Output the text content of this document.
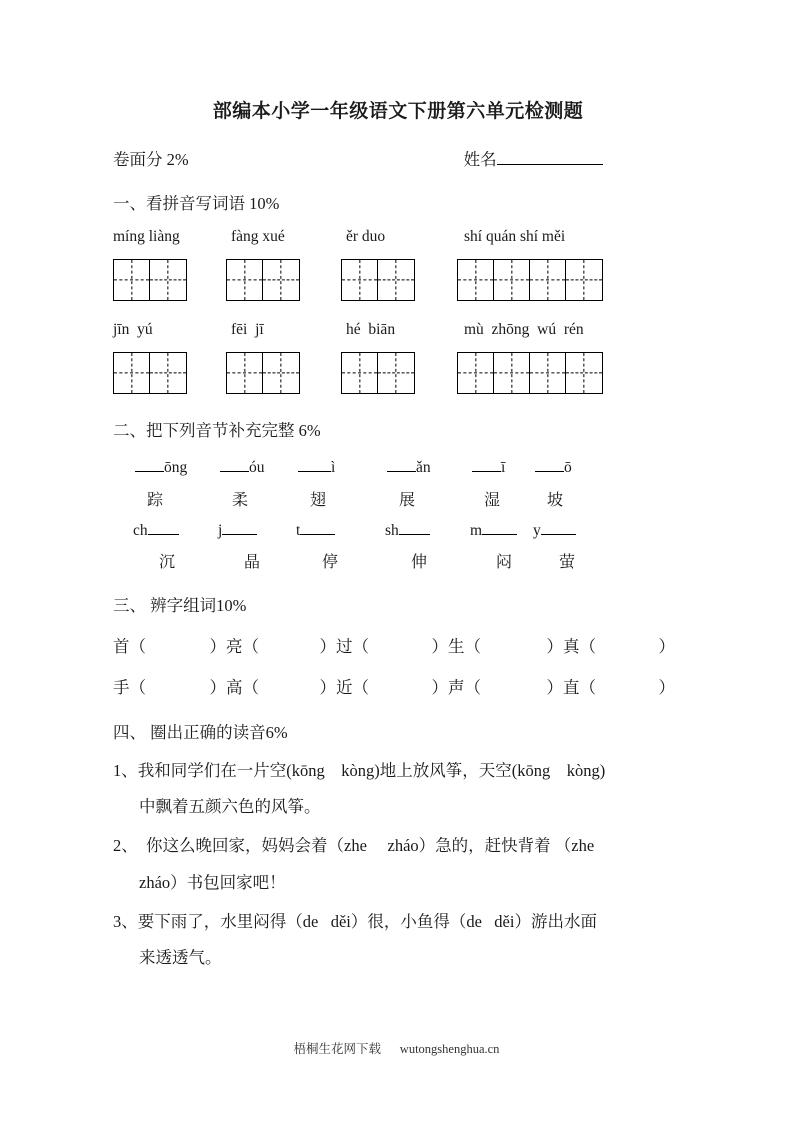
部编本小学一年级语文下册第六单元检测题
卷面分 2%	姓名
一、看拼音写词语 10%
míng liàng	fàng xué	ěr duo	shí quán shí měi
jīn  yú	fēi  jī	hé  biān	mù  zhōng  wú  rén
二、把下列音节补充完整 6%
ōng	óu	ì	ǎn	ī	ō
踪	柔	翅	展	湿	坡
ch	j	t	sh	m	y
沉	晶	停	伸	闷	萤
三、 辨字组词10%
首（	） 亮（	） 过（	） 生（	） 真（	）
手（	） 高（	） 近（	） 声（	） 直（	）
四、 圈出正确的读音6%
1、我和同学们在一片空(kōng    kòng)地上放风筝，天空(kōng    kòng)
中飘着五颜六色的风筝。
2、  你这么晚回家，妈妈会着（zhe     zháo）急的，赶快背着 （zhe
zháo）书包回家吧！
3、要下雨了，水里闷得（de   děi）很，小鱼得（de   děi）游出水面
来透透气。
梧桐生花网下载      wutongshenghua.cn
